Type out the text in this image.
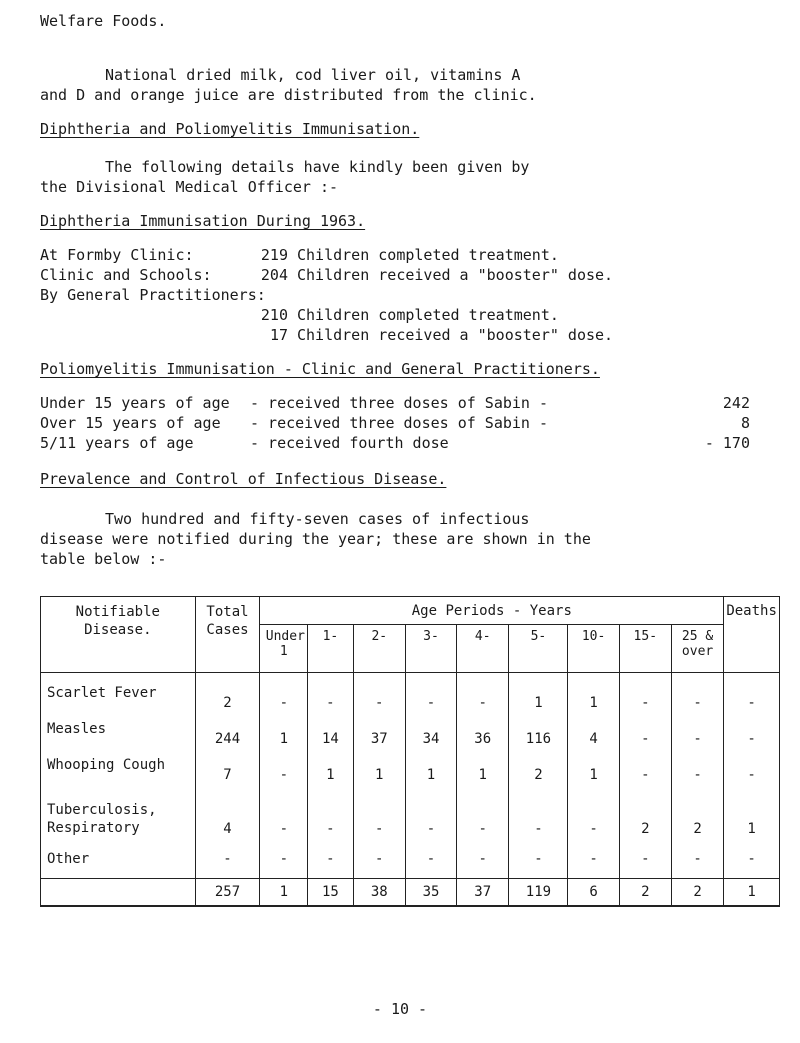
Welfare Foods.
National dried milk, cod liver oil, vitamins A
and D and orange juice are distributed from the clinic.
Diphtheria and Poliomyelitis Immunisation.
The following details have kindly been given by
the Divisional Medical Officer :-
Diphtheria Immunisation During 1963.
At Formby Clinic:	219 Children completed treatment.
Clinic and Schools:	204 Children received a "booster" dose.
By General Practitioners:
210 Children completed treatment.
17 Children received a "booster" dose.
Poliomyelitis Immunisation - Clinic and General Practitioners.
Under 15 years of age - received three doses of Sabin -	242
Over 15 years of age - received three doses of Sabin -	8
5/11 years of age	- received fourth dose	- 170
Prevalence and Control of Infectious Disease.
Two hundred and fifty-seven cases of infectious
disease were notified during the year; these are shown in the
table below :-
Notifiable Disease.	Total Cases	Age Periods - Years									Deaths

		Under 1	1-	2-	3-	4-	5-	10-	15-	25 & over	

Scarlet Fever	2	-	-	-	-	-	1	1	-	-	-
Measles	244	1	14	37	34	36	116	4	-	-	-
Whooping Cough	7	-	1	1	1	1	2	1	-	-	-

Tuberculosis, Respiratory	4	-	-	-	-	-	-	-	2	2	1
Other	-	-	-	-	-	-	-	-	-	-	-
	257	1	15	38	35	37	119	6	2	2	1
- 10 -
